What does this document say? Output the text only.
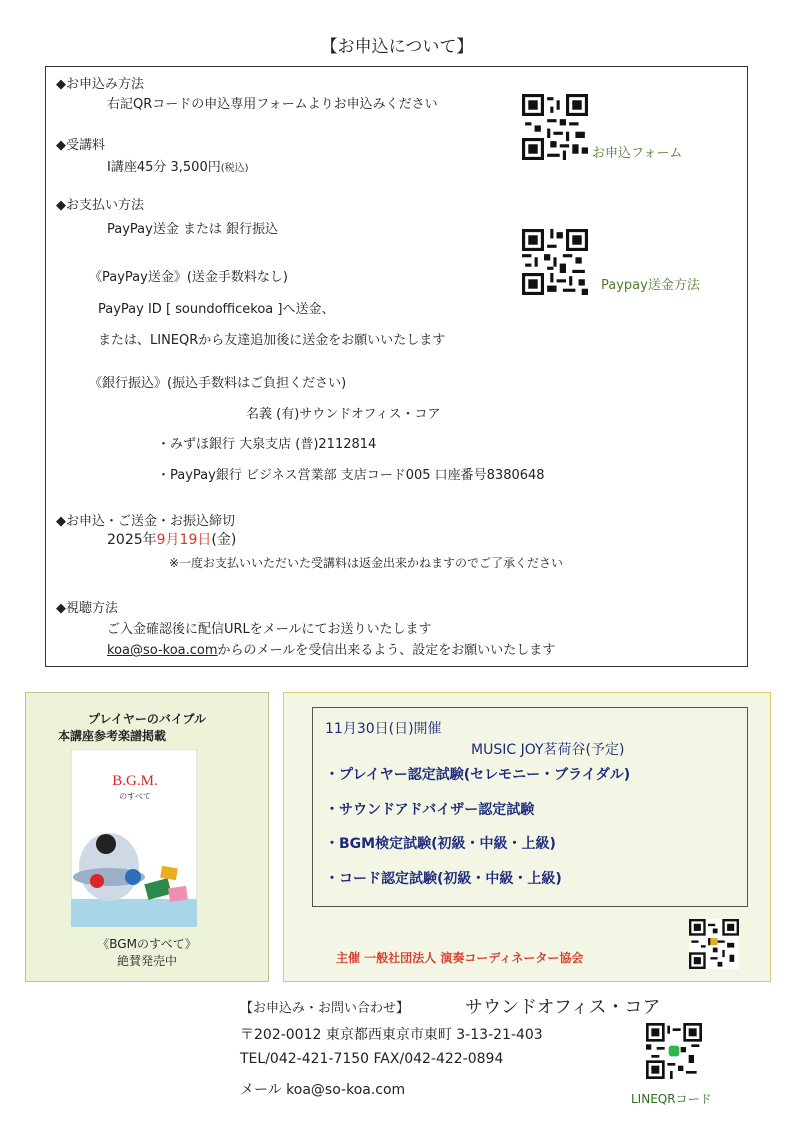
【お申込について】
◆お申込み方法
右記QRコードの申込専用フォームよりお申込みください
◆受講料
I講座45分 3,500円(税込)
◆お支払い方法
PayPay送金 または 銀行振込
《PayPay送金》(送金手数料なし)
PayPay ID [ soundofficekoa ]へ送金、
または、LINEQRから友達追加後に送金をお願いいたします
《銀行振込》(振込手数料はご負担ください)
名義 (有)サウンドオフィス・コア
・みずほ銀行 大泉支店 (普)2112814
・PayPay銀行 ビジネス営業部 支店コード005 口座番号8380648
◆お申込・ご送金・お振込締切
2025年9月19日(金)
※一度お支払いいただいた受講料は返金出来かねますのでご了承ください
◆視聴方法
ご入金確認後に配信URLをメールにてお送りいたします
koa@so-koa.comからのメールを受信出来るよう、設定をお願いいたします
お申込フォーム
Paypay送金方法
プレイヤーのバイブル
本講座参考楽譜掲載
B.G.M.
のすべて
《BGMのすべて》
絶賛発売中
11月30日(日)開催
MUSIC JOY茗荷谷(予定)
・プレイヤー認定試験(セレモニー・ブライダル)
・サウンドアドバイザー認定試験
・BGM検定試験(初級・中級・上級)
・コード認定試験(初級・中級・上級)
主催 一般社団法人 演奏コーディネーター協会
【お申込み・お問い合わせ】	サウンドオフィス・コア
〒202-0012 東京都西東京市東町 3-13-21-403
TEL/042-421-7150 FAX/042-422-0894
メール koa@so-koa.com
LINEQRコード
